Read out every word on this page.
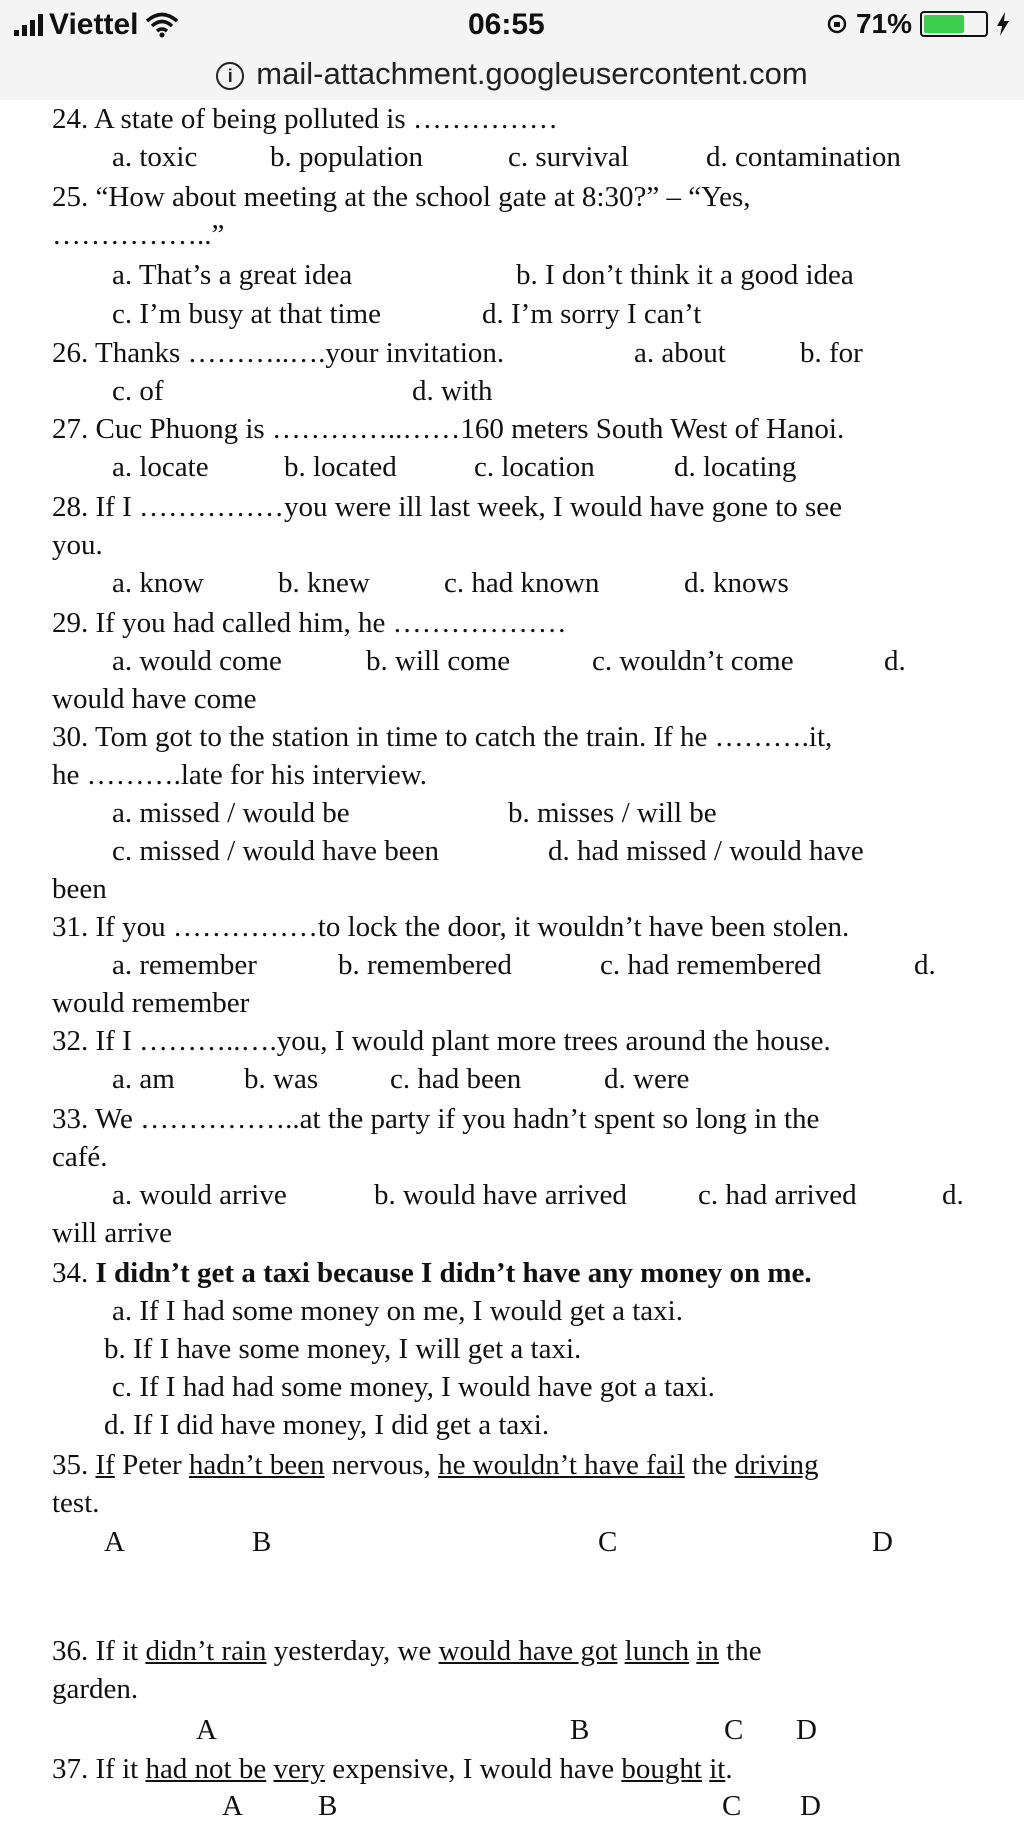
Viettel	06:55	71%
i mail-attachment.googleusercontent.com
24. A state of being polluted is ……………
a. toxic	b. population	c. survival	d. contamination
25. “How about meeting at the school gate at 8:30?” – “Yes,
……………..”
a. That’s a great idea	b. I don’t think it a good idea
c. I’m busy at that time	d. I’m sorry I can’t
26. Thanks ………..….your invitation.	a. about	b. for
c. of	d. with
27. Cuc Phuong is …………..……160 meters South West of Hanoi.
a. locate	b. located	c. location	d. locating
28. If I ……………you were ill last week, I would have gone to see
you.
a. know	b. knew	c. had known	d. knows
29. If you had called him, he ………………
a. would come	b. will come	c. wouldn’t come	d.
would have come
30. Tom got to the station in time to catch the train. If he ……….it,
he ……….late for his interview.
a. missed / would be	b. misses / will be
c. missed / would have been	d. had missed / would have
been
31. If you ……………to lock the door, it wouldn’t have been stolen.
a. remember	b. remembered	c. had remembered	d.
would remember
32. If I ………..….you, I would plant more trees around the house.
a. am b. was c. had been	d. were
33. We ……………..at the party if you hadn’t spent so long in the
café.
a. would arrive	b. would have arrived c. had arrived	d.
will arrive
34. I didn’t get a taxi because I didn’t have any money on me.
a. If I had some money on me, I would get a taxi.
b. If I have some money, I will get a taxi.
c. If I had had some money, I would have got a taxi.
d. If I did have money, I did get a taxi.
35. If Peter hadn’t been nervous, he wouldn’t have fail the driving
test.
A	B	C	D
36. If it didn’t rain yesterday, we would have got lunch in the
garden.
A	B	C D
37. If it had not be very expensive, I would have bought it.
A	B	C D
